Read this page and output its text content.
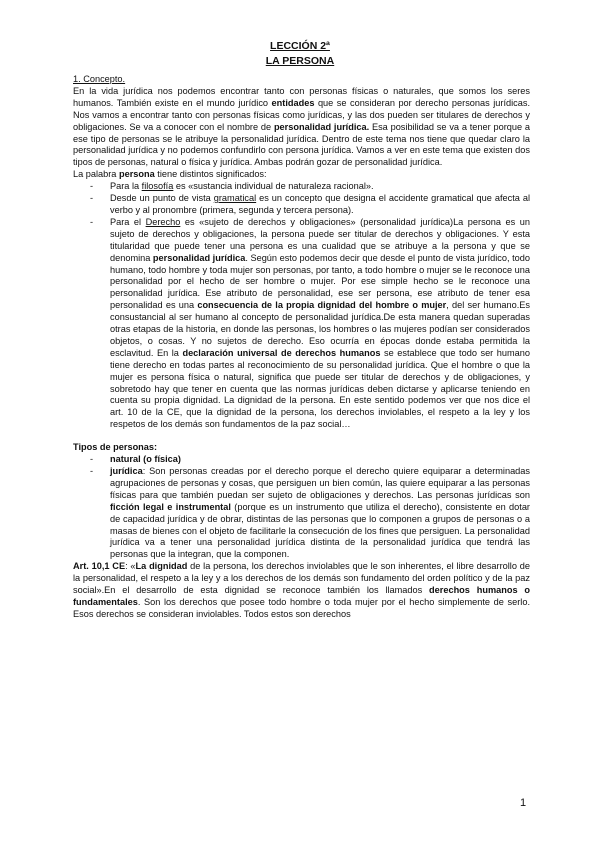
LECCIÓN 2ª
LA PERSONA

1. Concepto.

En la vida jurídica nos podemos encontrar tanto con personas físicas o naturales, que somos los seres humanos. También existe en el mundo jurídico entidades que se consideran por derecho personas jurídicas. Nos vamos a encontrar tanto con personas físicas como jurídicas, y las dos pueden ser titulares de derechos y obligaciones. Se va a conocer con el nombre de personalidad jurídica. Esa posibilidad se va a tener porque a ese tipo de personas se le atribuye la personalidad jurídica. Dentro de este tema nos tiene que quedar claro la personalidad jurídica y no podemos confundirlo con persona jurídica. Vamos a ver en este tema que existen dos tipos de personas, natural o física y jurídica. Ambas podrán gozar de personalidad jurídica.

La palabra persona tiene distintos significados:

- Para la filosofía es «sustancia individual de naturaleza racional».
- Desde un punto de vista gramatical es un concepto que designa el accidente gramatical que afecta al verbo y al pronombre (primera, segunda y tercera persona).
- Para el Derecho es «sujeto de derechos y obligaciones» (personalidad jurídica)La persona es un sujeto de derechos y obligaciones, la persona puede ser titular de derechos y obligaciones. Y esta titularidad que puede tener una persona es una cualidad que se atribuye a la persona y que se denomina personalidad jurídica. Según esto podemos decir que desde el punto de vista jurídico, todo humano, todo hombre y toda mujer son personas, por tanto, a todo hombre o mujer se le reconoce una personalidad por el hecho de ser hombre o mujer. Por ese simple hecho se le reconoce una personalidad jurídica. Ese atributo de personalidad, ese ser persona, ese atributo de tener esa personalidad es una consecuencia de la propia dignidad del hombre o mujer, del ser humano.Es consustancial al ser humano al concepto de personalidad jurídica.De esta manera quedan superadas otras etapas de la historia, en donde las personas, los hombres o las mujeres podían ser considerados objetos, o cosas. Y no sujetos de derecho. Eso ocurría en épocas donde estaba permitida la esclavitud. En la declaración universal de derechos humanos se establece que todo ser humano tiene derecho en todas partes al reconocimiento de su personalidad jurídica. Que el hombre o que la mujer es persona física o natural, significa que puede ser titular de derechos y de obligaciones, y sobretodo hay que tener en cuenta que las normas jurídicas deben dictarse y aplicarse teniendo en cuenta su propia dignidad. La dignidad de la persona. En este sentido podemos ver que nos dice el art. 10 de la CE, que la dignidad de la persona, los derechos inviolables, el respeto a la ley y los respetos de los demás son fundamentos de la paz social…

Tipos de personas:

- natural (o física)
- jurídica: Son personas creadas por el derecho porque el derecho quiere equiparar a determinadas agrupaciones de personas y cosas, que persiguen un bien común, las quiere equiparar a las personas físicas para que también puedan ser sujeto de obligaciones y derechos. Las personas jurídicas son ficción legal e instrumental (porque es un instrumento que utiliza el derecho), consistente en dotar de capacidad jurídica y de obrar, distintas de las personas que lo componen a grupos de personas o a masas de bienes con el objeto de facilitarle la consecución de los fines que persiguen. La personalidad jurídica va a tener una personalidad jurídica distinta de la personalidad jurídica que tendrá las personas que la integran, que la componen.

Art. 10,1 CE: «La dignidad de la persona, los derechos inviolables que le son inherentes, el libre desarrollo de la personalidad, el respeto a la ley y a los derechos de los demás son fundamento del orden político y de la paz social».En el desarrollo de esta dignidad se reconoce también los llamados derechos humanos o fundamentales. Son los derechos que posee todo hombre o toda mujer por el hecho simplemente de serlo. Esos derechos se consideran inviolables. Todos estos son derechos

1
